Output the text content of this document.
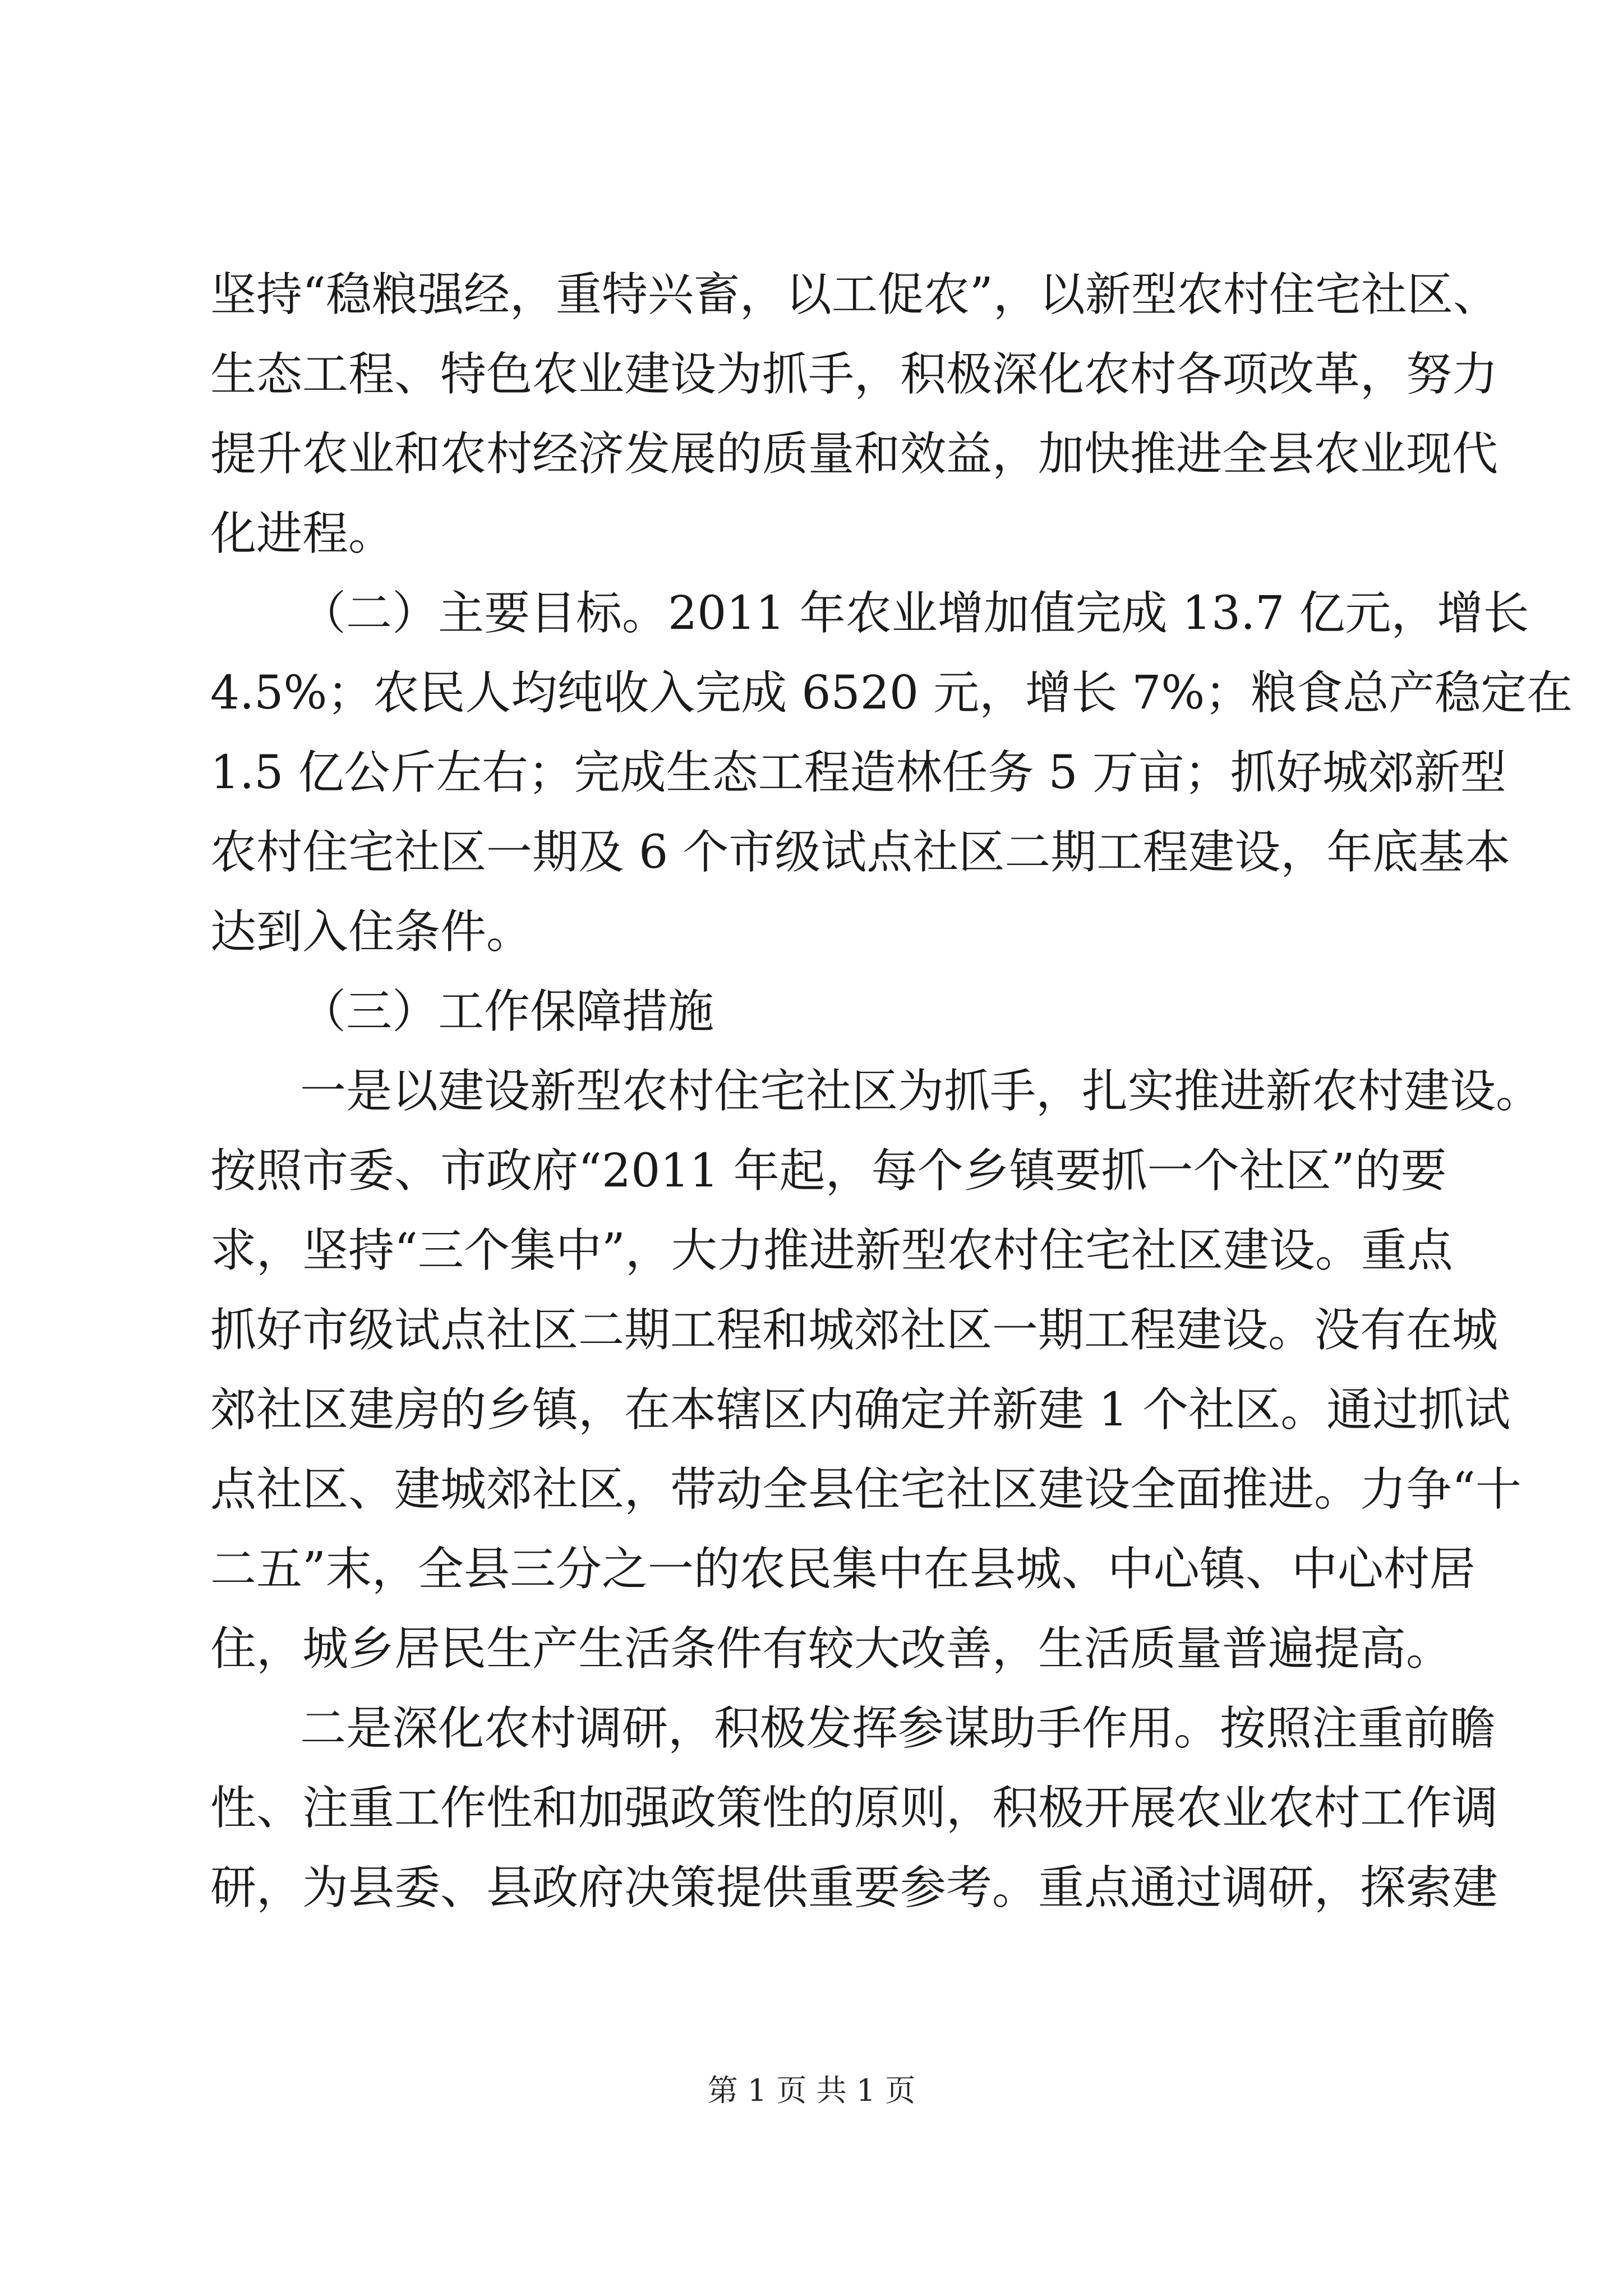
坚持“稳粮强经，重特兴畜，以工促农”，以新型农村住宅社区、
生态工程、特色农业建设为抓手，积极深化农村各项改革，努力
提升农业和农村经济发展的质量和效益，加快推进全县农业现代
化进程。
（二）主要目标。2011 年农业增加值完成 13.7 亿元，增长
4.5%；农民人均纯收入完成 6520 元，增长 7%；粮食总产稳定在
1.5 亿公斤左右；完成生态工程造林任务 5 万亩；抓好城郊新型
农村住宅社区一期及 6 个市级试点社区二期工程建设，年底基本
达到入住条件。
（三）工作保障措施
一是以建设新型农村住宅社区为抓手，扎实推进新农村建设。
按照市委、市政府“2011 年起，每个乡镇要抓一个社区”的要
求，坚持“三个集中”，大力推进新型农村住宅社区建设。重点
抓好市级试点社区二期工程和城郊社区一期工程建设。没有在城
郊社区建房的乡镇，在本辖区内确定并新建 1 个社区。通过抓试
点社区、建城郊社区，带动全县住宅社区建设全面推进。力争“十
二五”末，全县三分之一的农民集中在县城、中心镇、中心村居
住，城乡居民生产生活条件有较大改善，生活质量普遍提高。
二是深化农村调研，积极发挥参谋助手作用。按照注重前瞻
性、注重工作性和加强政策性的原则，积极开展农业农村工作调
研，为县委、县政府决策提供重要参考。重点通过调研，探索建
第 1 页 共 1 页
